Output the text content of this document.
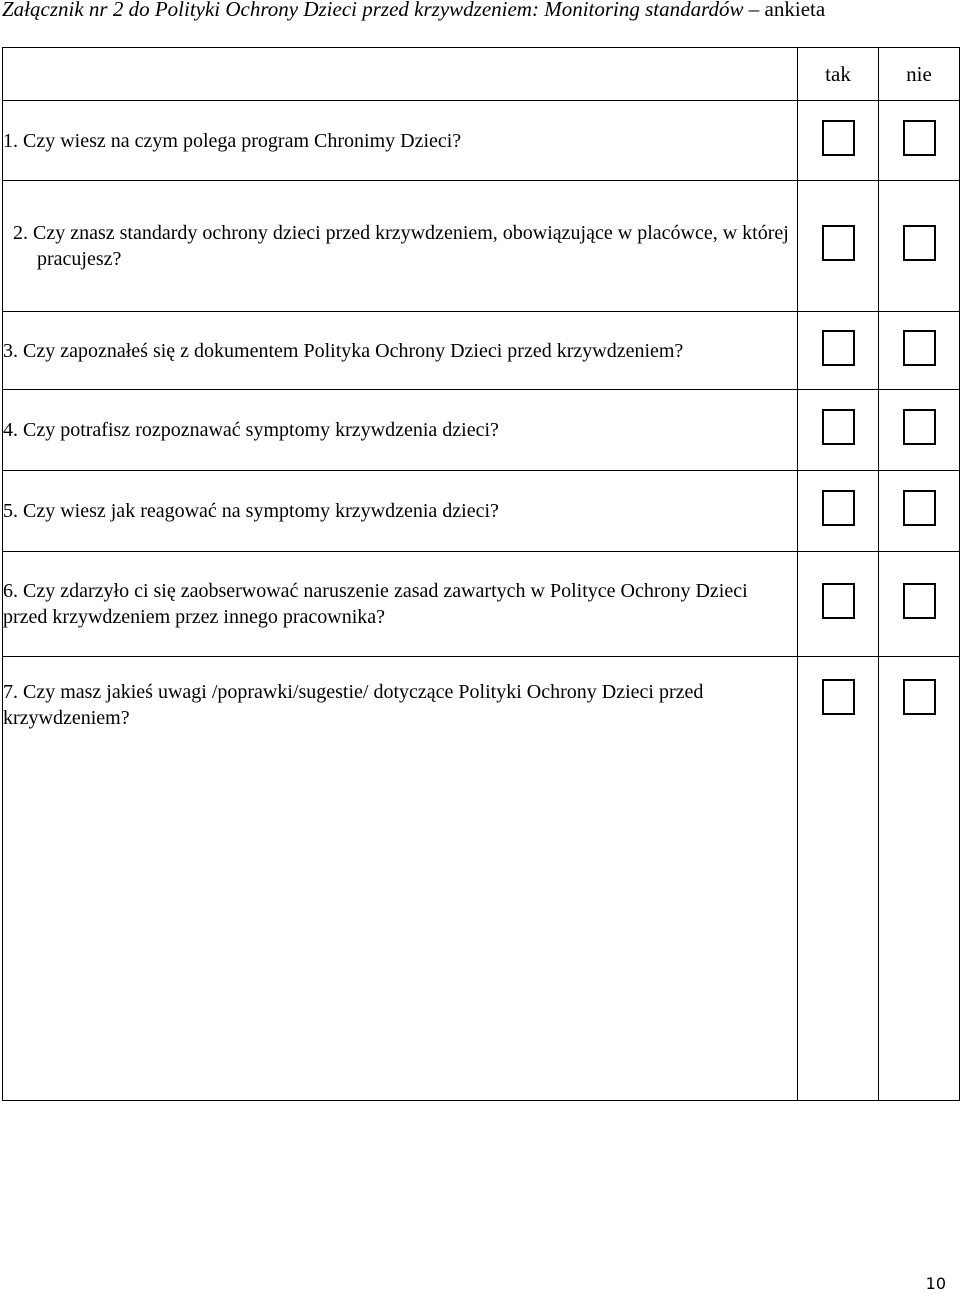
Załącznik nr 2 do Polityki Ochrony Dzieci przed krzywdzeniem: Monitoring standardów – ankieta
	tak	nie
1. Czy wiesz na czym polega program Chronimy Dzieci?		
2. Czy znasz standardy ochrony dzieci przed krzywdzeniem, obowiązujące w placówce, w której pracujesz?		
3. Czy zapoznałeś się z dokumentem Polityka Ochrony Dzieci przed krzywdzeniem?		
4. Czy potrafisz rozpoznawać symptomy krzywdzenia dzieci?		
5. Czy wiesz jak reagować na symptomy krzywdzenia dzieci?		
6. Czy zdarzyło ci się zaobserwować naruszenie zasad zawartych w Polityce Ochrony Dzieci przed krzywdzeniem przez innego pracownika?		
7. Czy masz jakieś uwagi /poprawki/sugestie/ dotyczące Polityki Ochrony Dzieci przed krzywdzeniem?		
10
